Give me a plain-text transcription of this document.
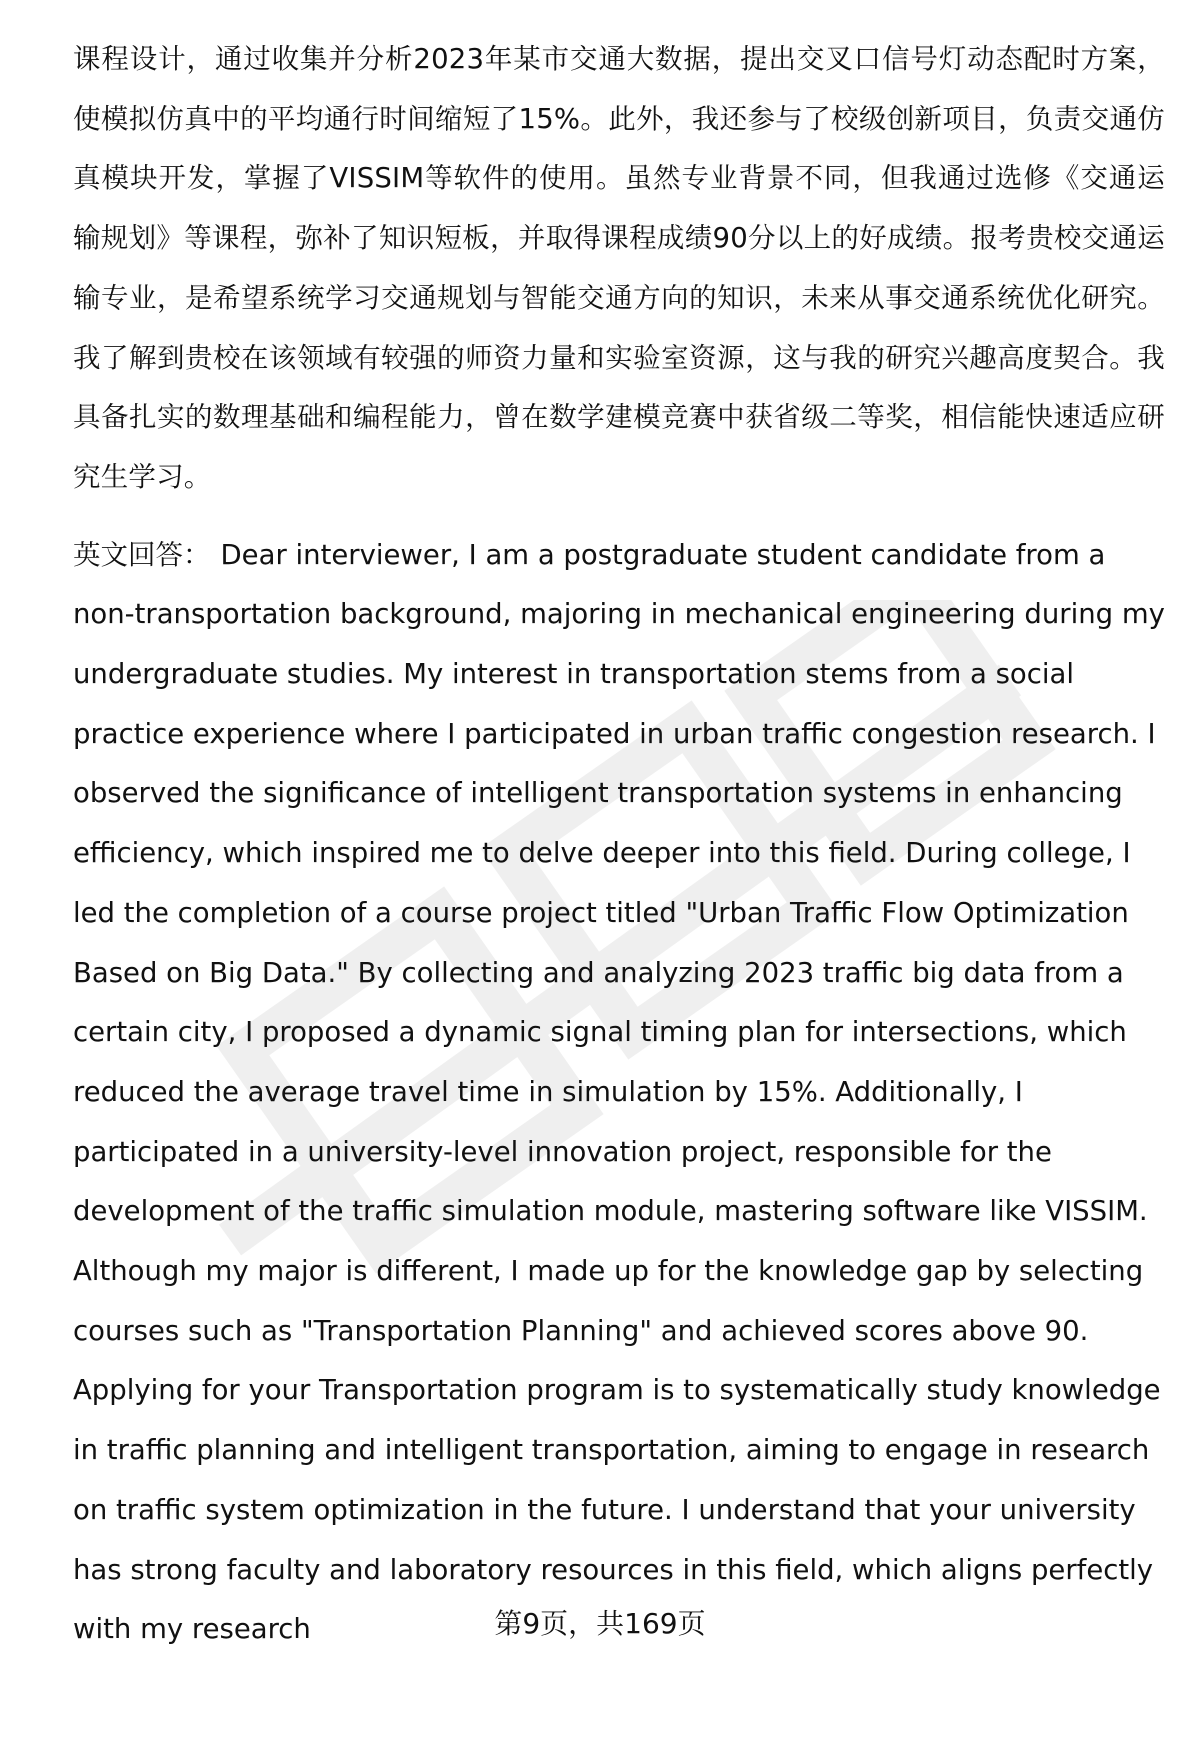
课程设计，通过收集并分析2023年某市交通大数据，提出交叉口信号灯动态配时方案，使模拟仿真中的平均通行时间缩短了15%。此外，我还参与了校级创新项目，负责交通仿真模块开发，掌握了VISSIM等软件的使用。虽然专业背景不同，但我通过选修《交通运输规划》等课程，弥补了知识短板，并取得课程成绩90分以上的好成绩。报考贵校交通运输专业，是希望系统学习交通规划与智能交通方向的知识，未来从事交通系统优化研究。我了解到贵校在该领域有较强的师资力量和实验室资源，这与我的研究兴趣高度契合。我具备扎实的数理基础和编程能力，曾在数学建模竞赛中获省级二等奖，相信能快速适应研究生学习。

英文回答： Dear interviewer, I am a postgraduate student candidate from a non-transportation background, majoring in mechanical engineering during my undergraduate studies. My interest in transportation stems from a social practice experience where I participated in urban traffic congestion research. I observed the significance of intelligent transportation systems in enhancing efficiency, which inspired me to delve deeper into this field. During college, I led the completion of a course project titled "Urban Traffic Flow Optimization Based on Big Data." By collecting and analyzing 2023 traffic big data from a certain city, I proposed a dynamic signal timing plan for intersections, which reduced the average travel time in simulation by 15%. Additionally, I participated in a university-level innovation project, responsible for the development of the traffic simulation module, mastering software like VISSIM. Although my major is different, I made up for the knowledge gap by selecting courses such as "Transportation Planning" and achieved scores above 90. Applying for your Transportation program is to systematically study knowledge in traffic planning and intelligent transportation, aiming to engage in research on traffic system optimization in the future. I understand that your university has strong faculty and laboratory resources in this field, which aligns perfectly with my research	第9页，共169页
